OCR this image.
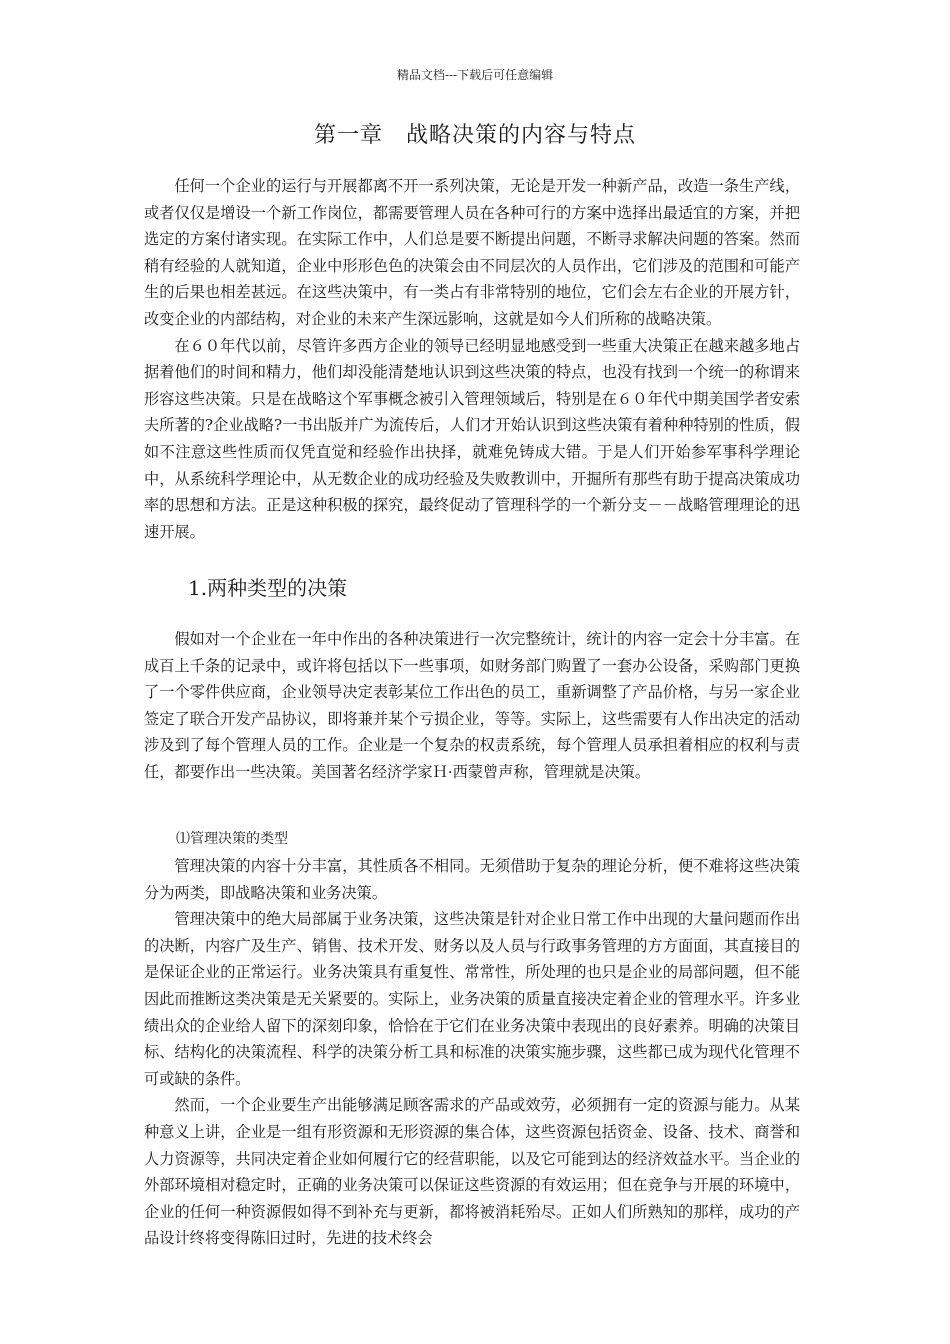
精品文档---下载后可任意编辑
第一章　战略决策的内容与特点

任何一个企业的运行与开展都离不开一系列决策，无论是开发一种新产品，改造一条生产线，或者仅仅是增设一个新工作岗位，都需要管理人员在各种可行的方案中选择出最适宜的方案，并把选定的方案付诸实现。在实际工作中，人们总是要不断提出问题，不断寻求解决问题的答案。然而稍有经验的人就知道，企业中形形色色的决策会由不同层次的人员作出，它们涉及的范围和可能产生的后果也相差甚远。在这些决策中，有一类占有非常特别的地位，它们会左右企业的开展方针，改变企业的内部结构，对企业的未来产生深远影响，这就是如今人们所称的战略决策。

在６０年代以前，尽管许多西方企业的领导已经明显地感受到一些重大决策正在越来越多地占据着他们的时间和精力，他们却没能清楚地认识到这些决策的特点，也没有找到一个统一的称谓来形容这些决策。只是在战略这个军事概念被引入管理领域后，特别是在６０年代中期美国学者安索夫所著的?企业战略?一书出版并广为流传后，人们才开始认识到这些决策有着种种特别的性质，假如不注意这些性质而仅凭直觉和经验作出抉择，就难免铸成大错。于是人们开始参军事科学理论中，从系统科学理论中，从无数企业的成功经验及失败教训中，开掘所有那些有助于提高决策成功率的思想和方法。正是这种积极的探究，最终促动了管理科学的一个新分支－－战略管理理论的迅速开展。

1.两种类型的决策

假如对一个企业在一年中作出的各种决策进行一次完整统计，统计的内容一定会十分丰富。在成百上千条的记录中，或许将包括以下一些事项，如财务部门购置了一套办公设备，采购部门更换了一个零件供应商，企业领导决定表彰某位工作出色的员工，重新调整了产品价格，与另一家企业签定了联合开发产品协议，即将兼并某个亏损企业，等等。实际上，这些需要有人作出决定的活动涉及到了每个管理人员的工作。企业是一个复杂的权责系统，每个管理人员承担着相应的权利与责任，都要作出一些决策。美国著名经济学家Ｈ·西蒙曾声称，管理就是决策。

⑴管理决策的类型

管理决策的内容十分丰富，其性质各不相同。无须借助于复杂的理论分析，便不难将这些决策分为两类，即战略决策和业务决策。

管理决策中的绝大局部属于业务决策，这些决策是针对企业日常工作中出现的大量问题而作出的决断，内容广及生产、销售、技术开发、财务以及人员与行政事务管理的方方面面，其直接目的是保证企业的正常运行。业务决策具有重复性、常常性，所处理的也只是企业的局部问题，但不能因此而推断这类决策是无关紧要的。实际上，业务决策的质量直接决定着企业的管理水平。许多业绩出众的企业给人留下的深刻印象，恰恰在于它们在业务决策中表现出的良好素养。明确的决策目标、结构化的决策流程、科学的决策分析工具和标准的决策实施步骤，这些都已成为现代化管理不可或缺的条件。

然而，一个企业要生产出能够满足顾客需求的产品或效劳，必须拥有一定的资源与能力。从某种意义上讲，企业是一组有形资源和无形资源的集合体，这些资源包括资金、设备、技术、商誉和人力资源等，共同决定着企业如何履行它的经营职能，以及它可能到达的经济效益水平。当企业的外部环境相对稳定时，正确的业务决策可以保证这些资源的有效运用；但在竞争与开展的环境中，企业的任何一种资源假如得不到补充与更新，都将被消耗殆尽。正如人们所熟知的那样，成功的产品设计终将变得陈旧过时，先进的技术终会
